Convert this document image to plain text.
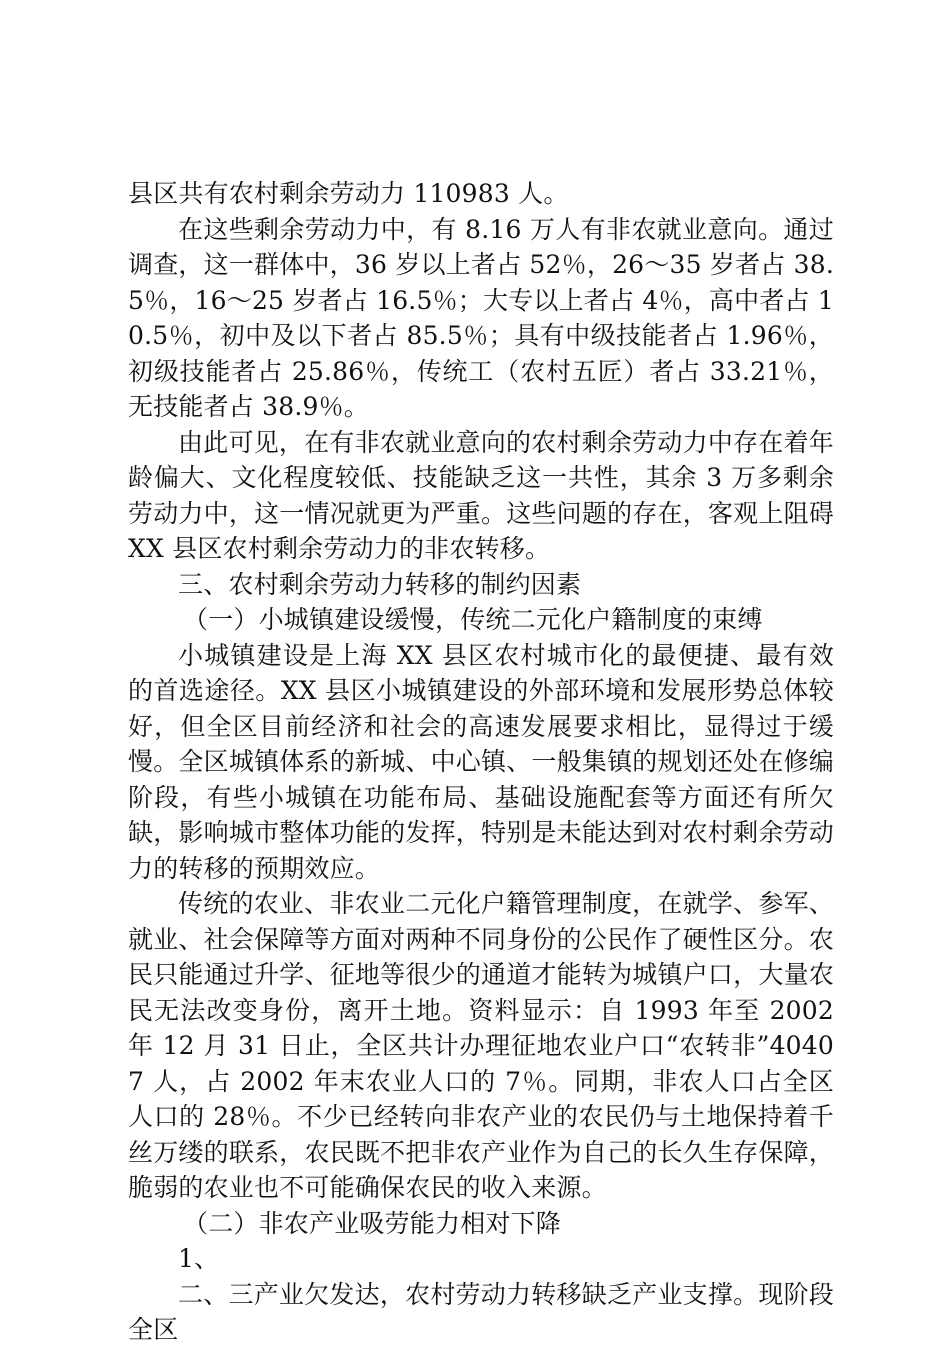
县区共有农村剩余劳动力 110983 人。

在这些剩余劳动力中，有 8.16 万人有非农就业意向。通过调查，这一群体中，36 岁以上者占 52％，26～35 岁者占 38.5％，16～25 岁者占 16.5％；大专以上者占 4％，高中者占 10.5％，初中及以下者占 85.5％；具有中级技能者占 1.96％，初级技能者占 25.86％，传统工（农村五匠）者占 33.21％，无技能者占 38.9％。

由此可见，在有非农就业意向的农村剩余劳动力中存在着年龄偏大、文化程度较低、技能缺乏这一共性，其余 3 万多剩余劳动力中，这一情况就更为严重。这些问题的存在，客观上阻碍 XX 县区农村剩余劳动力的非农转移。

三、农村剩余劳动力转移的制约因素

（一）小城镇建设缓慢，传统二元化户籍制度的束缚

小城镇建设是上海 XX 县区农村城市化的最便捷、最有效的首选途径。XX 县区小城镇建设的外部环境和发展形势总体较好，但全区目前经济和社会的高速发展要求相比，显得过于缓慢。全区城镇体系的新城、中心镇、一般集镇的规划还处在修编阶段，有些小城镇在功能布局、基础设施配套等方面还有所欠缺，影响城市整体功能的发挥，特别是未能达到对农村剩余劳动力的转移的预期效应。

传统的农业、非农业二元化户籍管理制度，在就学、参军、就业、社会保障等方面对两种不同身份的公民作了硬性区分。农民只能通过升学、征地等很少的通道才能转为城镇户口，大量农民无法改变身份，离开土地。资料显示：自 1993 年至 2002 年 12 月 31 日止，全区共计办理征地农业户口“农转非”40407 人，占 2002 年末农业人口的 7％。同期，非农人口占全区人口的 28％。不少已经转向非农产业的农民仍与土地保持着千丝万缕的联系，农民既不把非农产业作为自己的长久生存保障，脆弱的农业也不可能确保农民的收入来源。

（二）非农产业吸劳能力相对下降

1、

二、三产业欠发达，农村劳动力转移缺乏产业支撑。现阶段全区
